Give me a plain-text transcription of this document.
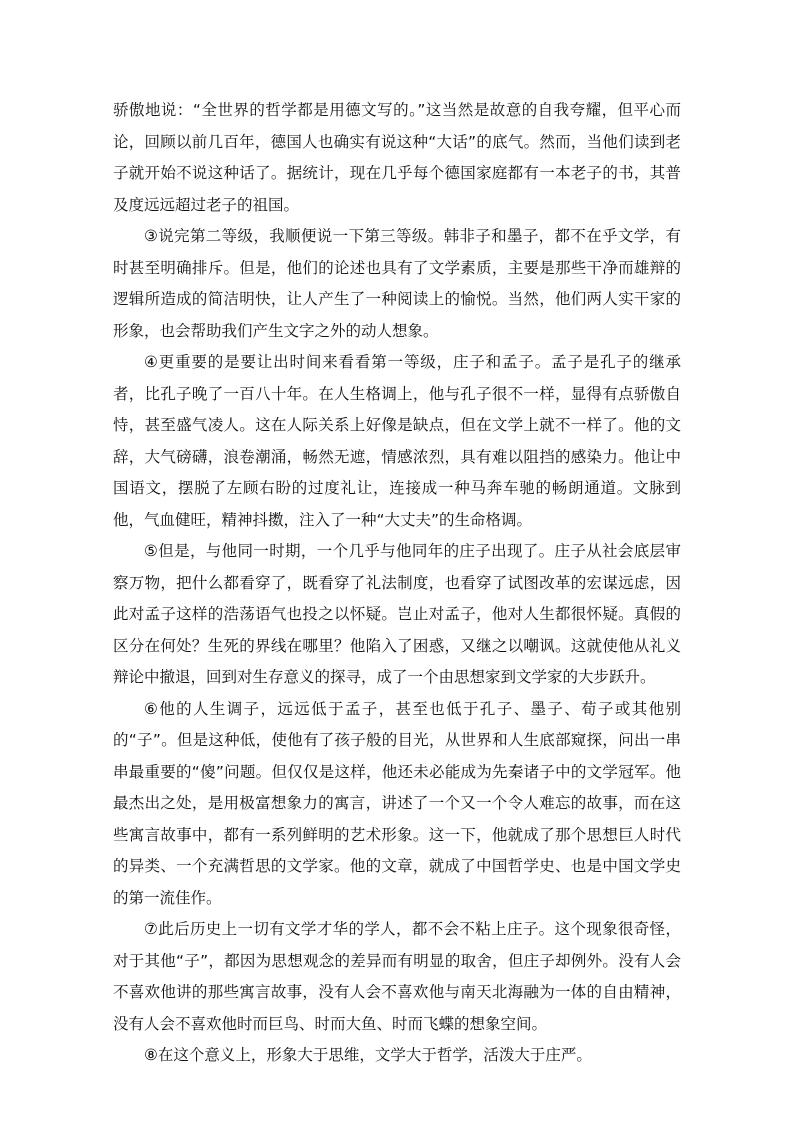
骄傲地说：“全世界的哲学都是用德文写的。”这当然是故意的自我夸耀，但平心而论，回顾以前几百年，德国人也确实有说这种“大话”的底气。然而，当他们读到老子就开始不说这种话了。据统计，现在几乎每个德国家庭都有一本老子的书，其普及度远远超过老子的祖国。

③说完第二等级，我顺便说一下第三等级。韩非子和墨子，都不在乎文学，有时甚至明确排斥。但是，他们的论述也具有了文学素质，主要是那些干净而雄辩的逻辑所造成的简洁明快，让人产生了一种阅读上的愉悦。当然，他们两人实干家的形象，也会帮助我们产生文字之外的动人想象。

④更重要的是要让出时间来看看第一等级，庄子和孟子。孟子是孔子的继承者，比孔子晚了一百八十年。在人生格调上，他与孔子很不一样，显得有点骄傲自恃，甚至盛气凌人。这在人际关系上好像是缺点，但在文学上就不一样了。他的文辞，大气磅礴，浪卷潮涌，畅然无遮，情感浓烈，具有难以阻挡的感染力。他让中国语文，摆脱了左顾右盼的过度礼让，连接成一种马奔车驰的畅朗通道。文脉到他，气血健旺，精神抖擞，注入了一种“大丈夫”的生命格调。

⑤但是，与他同一时期，一个几乎与他同年的庄子出现了。庄子从社会底层审察万物，把什么都看穿了，既看穿了礼法制度，也看穿了试图改革的宏谋远虑，因此对孟子这样的浩荡语气也投之以怀疑。岂止对孟子，他对人生都很怀疑。真假的区分在何处？生死的界线在哪里？他陷入了困惑，又继之以嘲讽。这就使他从礼义辩论中撤退，回到对生存意义的探寻，成了一个由思想家到文学家的大步跃升。

⑥他的人生调子，远远低于孟子，甚至也低于孔子、墨子、荀子或其他别的“子”。但是这种低，使他有了孩子般的目光，从世界和人生底部窥探，问出一串串最重要的“傻”问题。但仅仅是这样，他还未必能成为先秦诸子中的文学冠军。他最杰出之处，是用极富想象力的寓言，讲述了一个又一个令人难忘的故事，而在这些寓言故事中，都有一系列鲜明的艺术形象。这一下，他就成了那个思想巨人时代的异类、一个充满哲思的文学家。他的文章，就成了中国哲学史、也是中国文学史的第一流佳作。

⑦此后历史上一切有文学才华的学人，都不会不粘上庄子。这个现象很奇怪，对于其他“子”，都因为思想观念的差异而有明显的取舍，但庄子却例外。没有人会不喜欢他讲的那些寓言故事，没有人会不喜欢他与南天北海融为一体的自由精神，没有人会不喜欢他时而巨鸟、时而大鱼、时而飞蝶的想象空间。

⑧在这个意义上，形象大于思维，文学大于哲学，活泼大于庄严。
